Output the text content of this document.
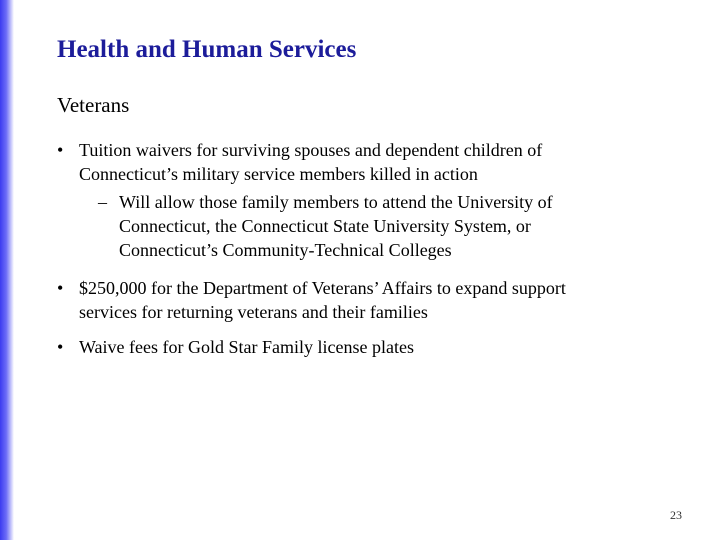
Health and Human Services
Veterans
• Tuition waivers for surviving spouses and dependent children of
Connecticut’s military service members killed in action
– Will allow those family members to attend the University of
Connecticut, the Connecticut State University System, or
Connecticut’s Community-Technical Colleges
• $250,000 for the Department of Veterans’ Affairs to expand support
services for returning veterans and their families
• Waive fees for Gold Star Family license plates
23
